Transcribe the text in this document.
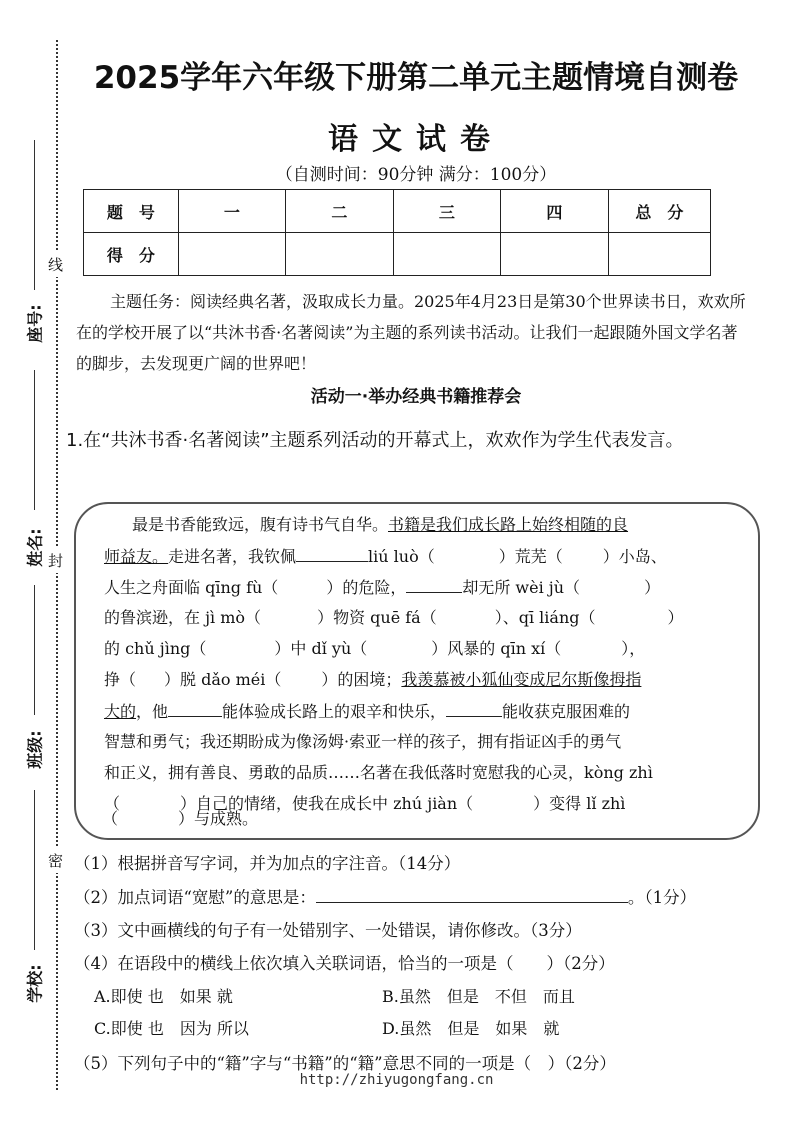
线
封
密
座号:
姓名:
班级:
学校:
2025学年六年级下册第二单元主题情境自测卷
语文试卷
（自测时间：90分钟 满分：100分）
题　号	一	二	三	四	总　分
得　分					
主题任务：阅读经典名著，汲取成长力量。2025年4月23日是第30个世界读书日，欢欢所在的学校开展了以“共沐书香·名著阅读”为主题的系列读书活动。让我们一起跟随外国文学名著的脚步，去发现更广阔的世界吧！
活动一·举办经典书籍推荐会
1.在“共沐书香·名著阅读”主题系列活动的开幕式上，欢欢作为学生代表发言。
最是书香能致远，腹有诗书气自华。书籍是我们成长路上始终相随的良
师益友。走进名著，我钦佩	liú luò（	）荒芜（	）小岛、
人生之舟面临 qīng fù（	）的危险，	却无所 wèi jù（	）
的鲁滨逊，在 jì mò（	）物资 quē fá（	）、qī liáng（	）
的 chǔ jìng（	）中 dǐ yù（	）风暴的 qīn xí（	），
挣（ ）脱 dǎo méi（	）的困境；我羡慕被小狐仙变成尼尔斯像拇指
大的，他	能体验成长路上的艰辛和快乐，	能收获克服困难的
智慧和勇气；我还期盼成为像汤姆·索亚一样的孩子，拥有指证凶手的勇气
和正义，拥有善良、勇敢的品质……名著在我低落时宽慰我的心灵，kòng zhì
（	）自己的情绪，使我在成长中 zhú jiàn（	）变得 lǐ zhì
（	）与成熟。
（1）根据拼音写字词，并为加点的字注音。（14分）
（2）加点词语“宽慰”的意思是：	。（1分）
（3）文中画横线的句子有一处错别字、一处错误，请你修改。（3分）
（4）在语段中的横线上依次填入关联词语，恰当的一项是（　　）（2分）
A.即使 也　如果 就	B.虽然　但是　不但　而且
C.即使 也　因为 所以	D.虽然　但是　如果　就
（5）下列句子中的“籍”字与“书籍”的“籍”意思不同的一项是（　）（2分）
http://zhiyugongfang.cn
